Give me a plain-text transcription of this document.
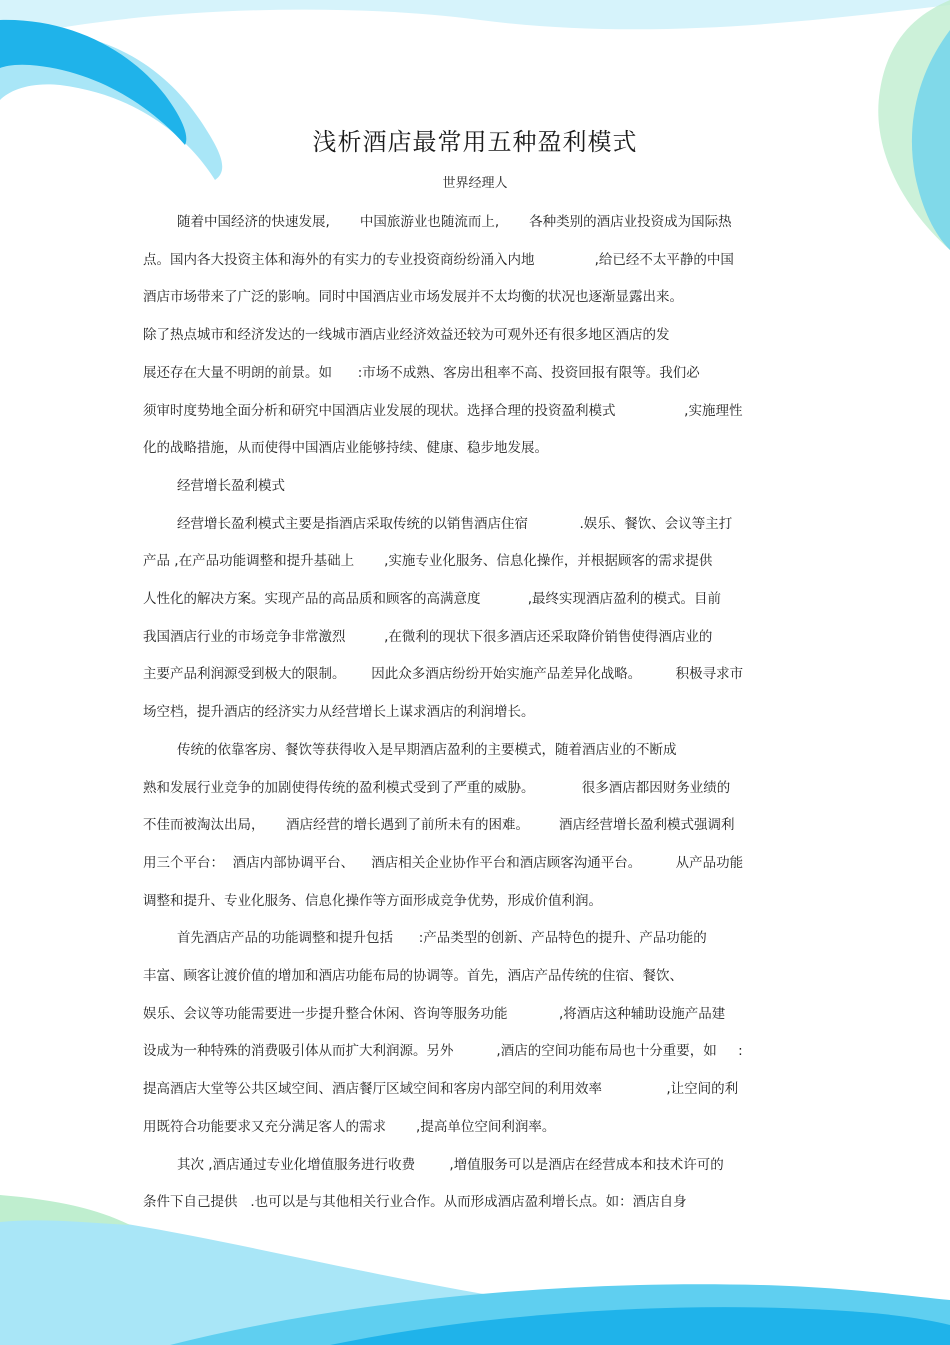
浅析酒店最常用五种盈利模式
世界经理人
随着中国经济的快速发展,       中国旅游业也随流而上,       各种类别的酒店业投资成为国际热
点。国内各大投资主体和海外的有实力的专业投资商纷纷涌入内地              ,给已经不太平静的中国
酒店市场带来了广泛的影响。同时中国酒店业市场发展并不太均衡的状况也逐渐显露出来。
除了热点城市和经济发达的一线城市酒店业经济效益还较为可观外还有很多地区酒店的发
展还存在大量不明朗的前景。如      :市场不成熟、客房出租率不高、投资回报有限等。我们必
须审时度势地全面分析和研究中国酒店业发展的现状。选择合理的投资盈利模式                ,实施理性
化的战略措施，从而使得中国酒店业能够持续、健康、稳步地发展。
经营增长盈利模式
经营增长盈利模式主要是指酒店采取传统的以销售酒店住宿            .娱乐、餐饮、会议等主打
产品 ,在产品功能调整和提升基础上       ,实施专业化服务、信息化操作，并根据顾客的需求提供
人性化的解决方案。实现产品的高品质和顾客的高满意度           ,最终实现酒店盈利的模式。目前
我国酒店行业的市场竞争非常激烈         ,在微利的现状下很多酒店还采取降价销售使得酒店业的
主要产品利润源受到极大的限制。      因此众多酒店纷纷开始实施产品差异化战略。        积极寻求市
场空档，提升酒店的经济实力从经营增长上谋求酒店的利润增长。
传统的依靠客房、餐饮等获得收入是早期酒店盈利的主要模式，随着酒店业的不断成
熟和发展行业竞争的加剧使得传统的盈利模式受到了严重的威胁。           很多酒店都因财务业绩的
不佳而被淘汰出局，     酒店经营的增长遇到了前所未有的困难。       酒店经营增长盈利模式强调利
用三个平台：  酒店内部协调平台、    酒店相关企业协作平台和酒店顾客沟通平台。        从产品功能
调整和提升、专业化服务、信息化操作等方面形成竞争优势，形成价值利润。
首先酒店产品的功能调整和提升包括      :产品类型的创新、产品特色的提升、产品功能的
丰富、顾客让渡价值的增加和酒店功能布局的协调等。首先，酒店产品传统的住宿、餐饮、
娱乐、会议等功能需要进一步提升整合休闲、咨询等服务功能            ,将酒店这种辅助设施产品建
设成为一种特殊的消费吸引体从而扩大利润源。另外          ,酒店的空间功能布局也十分重要，如     :
提高酒店大堂等公共区域空间、酒店餐厅区域空间和客房内部空间的利用效率               ,让空间的利
用既符合功能要求又充分满足客人的需求       ,提高单位空间利润率。
其次 ,酒店通过专业化增值服务进行收费        ,增值服务可以是酒店在经营成本和技术许可的
条件下自己提供   .也可以是与其他相关行业合作。从而形成酒店盈利增长点。如：酒店自身
